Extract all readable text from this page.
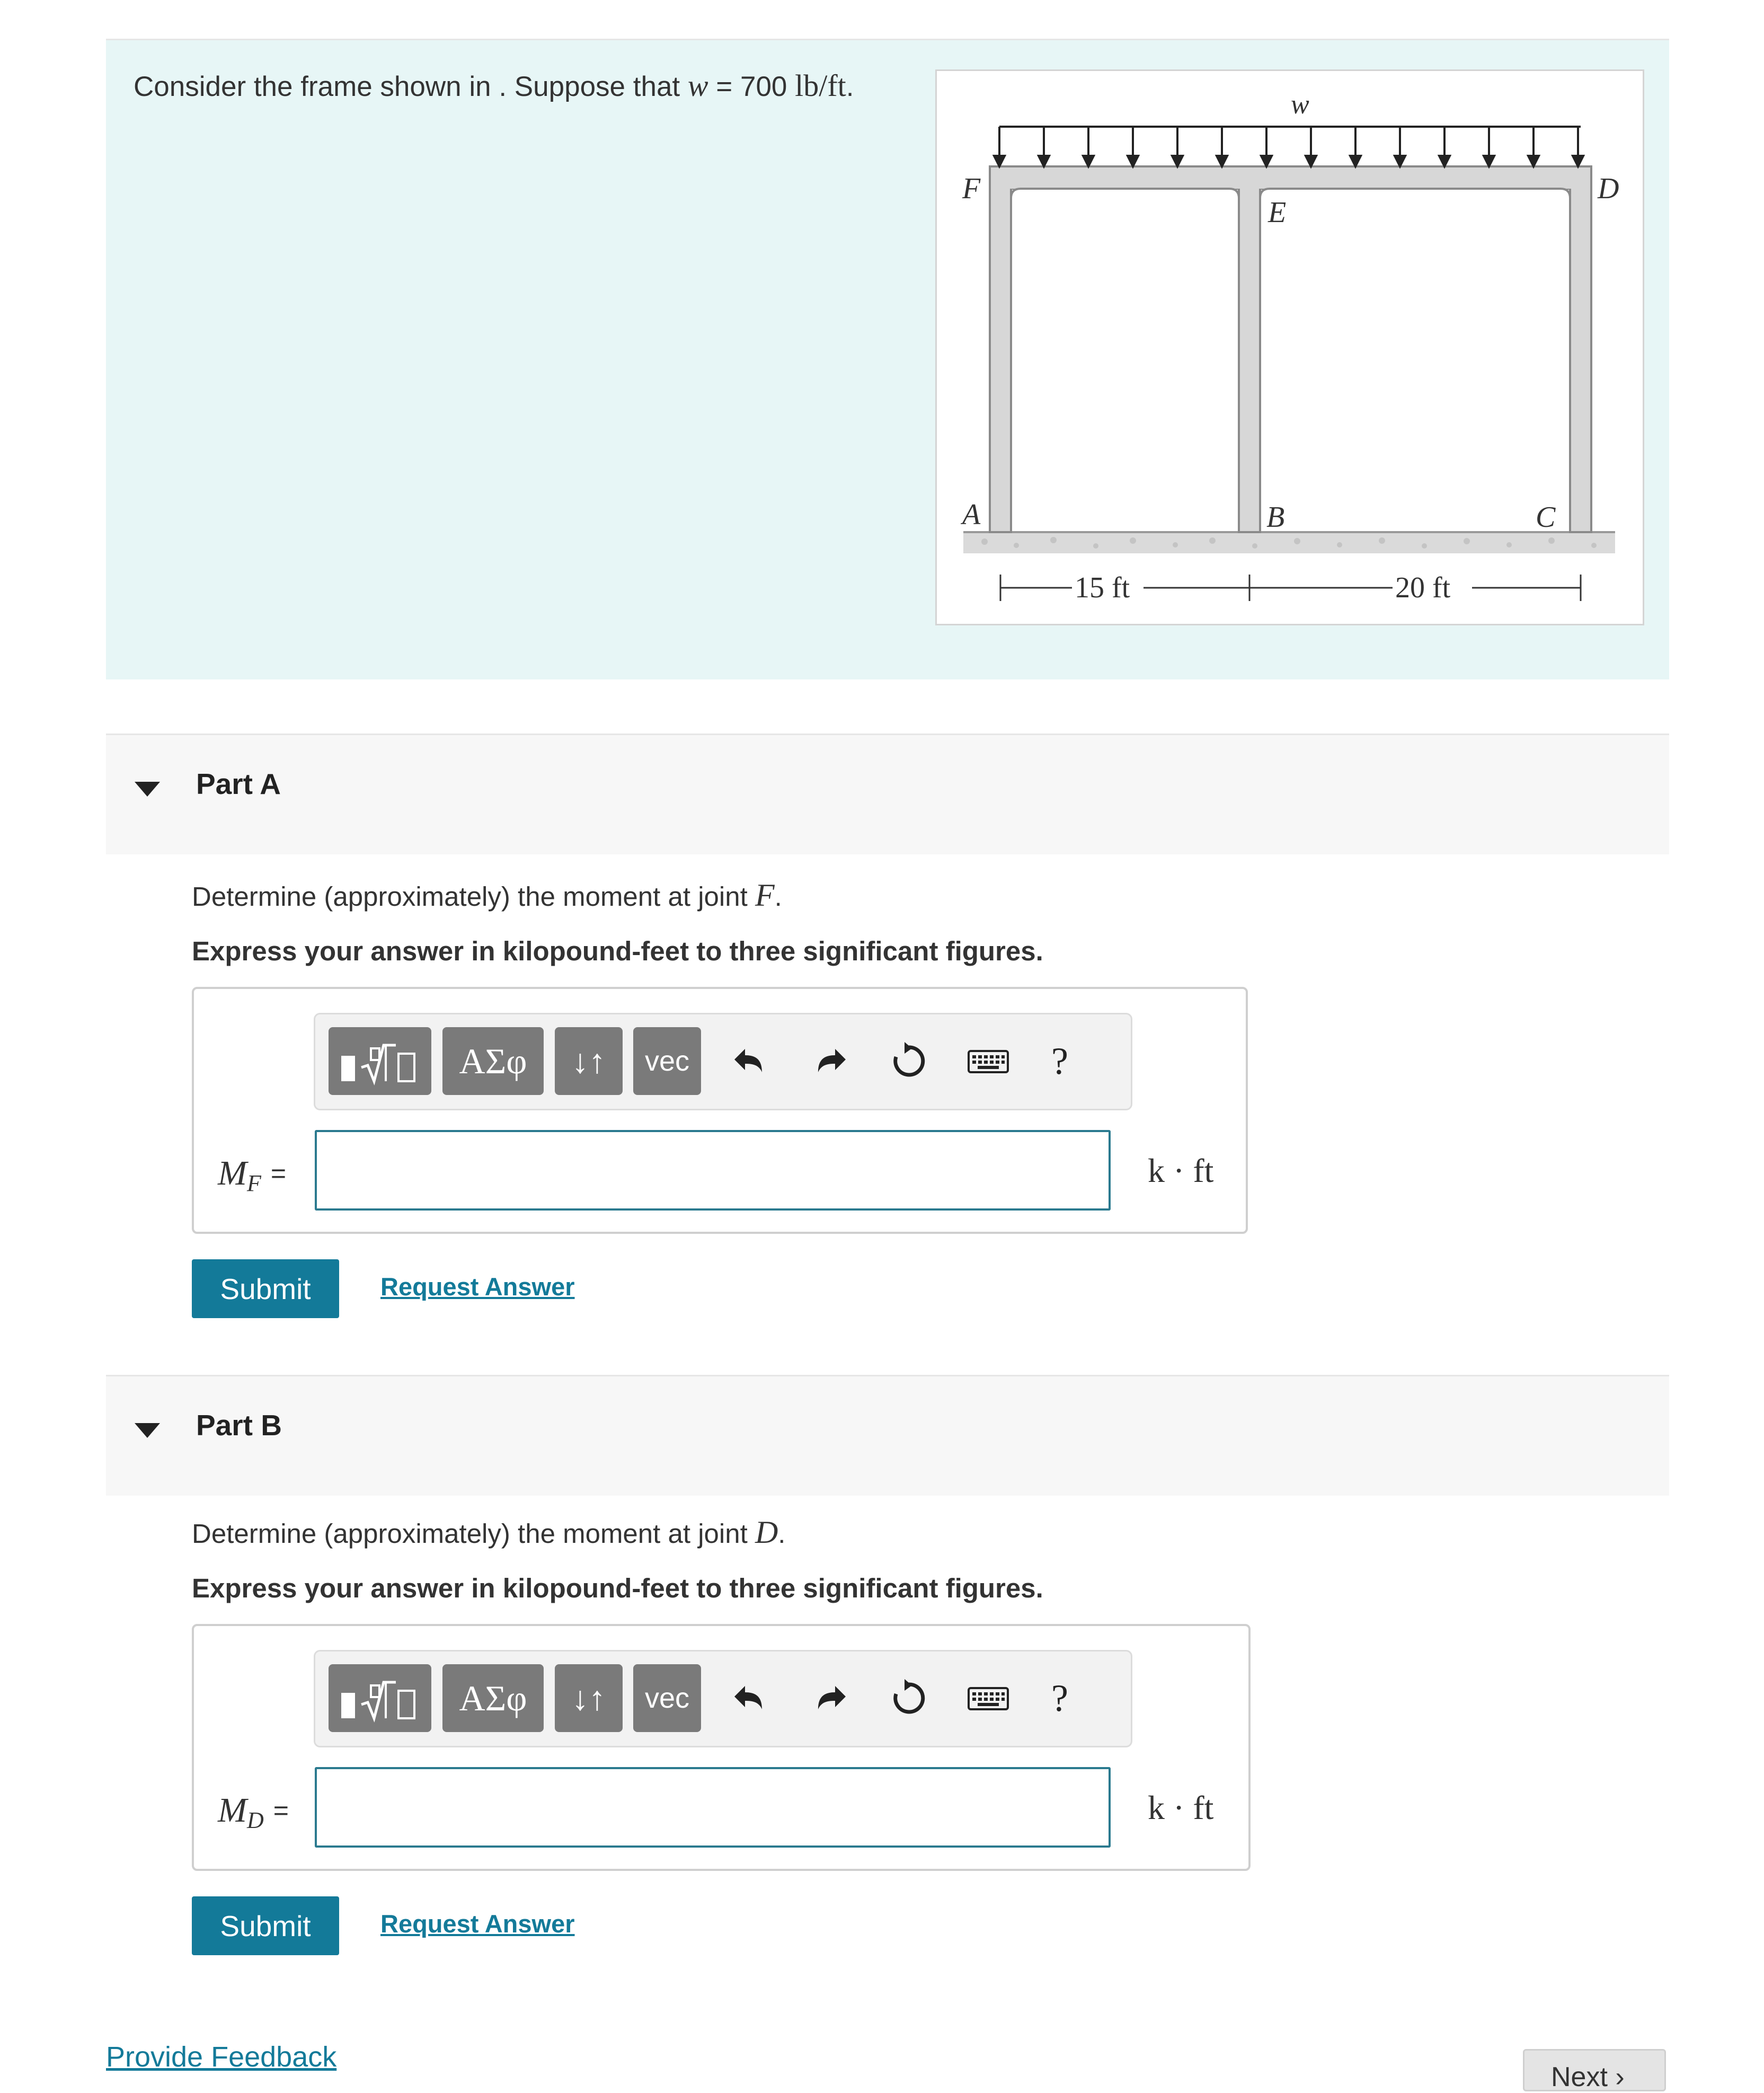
Consider the frame shown in . Suppose that w = 700 lb/ft.
w
F
E
D
A	B	C
15 ft	20 ft
Part A
Determine (approximately) the moment at joint F.
Express your answer in kilopound-feet to three significant figures.
ΑΣφ	↓↑	vec	?
MF =	k · ft
Submit	Request Answer
Part B
Determine (approximately) the moment at joint D.
Express your answer in kilopound-feet to three significant figures.
ΑΣφ	↓↑	vec	?
MD =	k · ft
Submit	Request Answer
Provide Feedback
Next ›
